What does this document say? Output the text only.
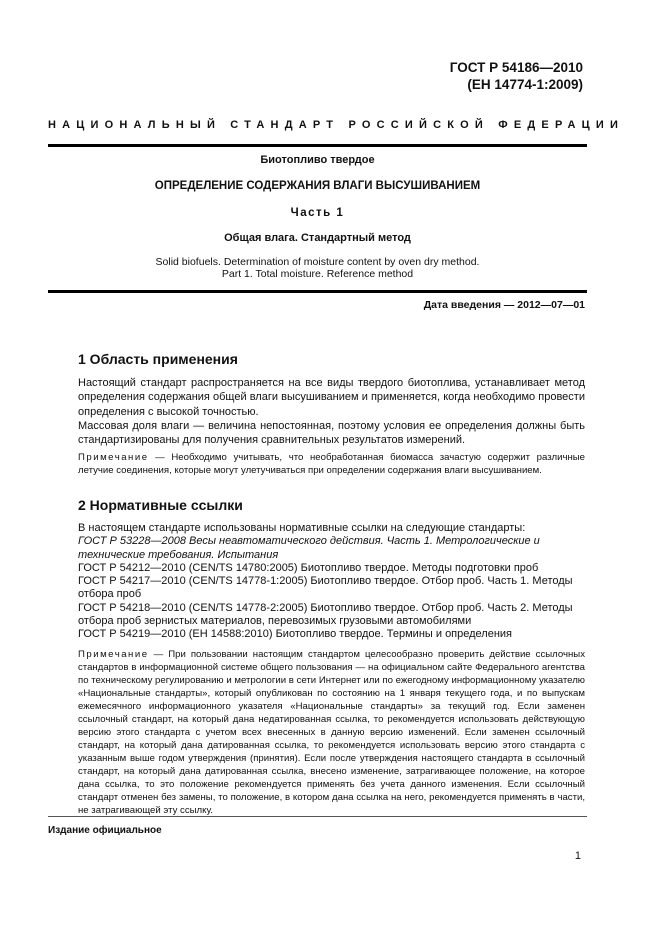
ГОСТ Р 54186—2010
(ЕН 14774-1:2009)
НАЦИОНАЛЬНЫЙ СТАНДАРТ РОССИЙСКОЙ ФЕДЕРАЦИИ
Биотопливо твердое
ОПРЕДЕЛЕНИЕ СОДЕРЖАНИЯ ВЛАГИ ВЫСУШИВАНИЕМ
Часть 1
Общая влага. Стандартный метод
Solid biofuels. Determination of moisture content by oven dry method.
Part 1. Total moisture. Reference method
Дата введения — 2012—07—01
1 Область применения
Настоящий стандарт распространяется на все виды твердого биотоплива, устанавливает метод определения содержания общей влаги высушиванием и применяется, когда необходимо провести определения с высокой точностью.
Массовая доля влаги — величина непостоянная, поэтому условия ее определения должны быть стандартизированы для получения сравнительных результатов измерений.
Примечание — Необходимо учитывать, что необработанная биомасса зачастую содержит различные летучие соединения, которые могут улетучиваться при определении содержания влаги высушиванием.
2 Нормативные ссылки
В настоящем стандарте использованы нормативные ссылки на следующие стандарты:
ГОСТ Р 53228—2008 Весы неавтоматического действия. Часть 1. Метрологические и технические требования. Испытания
ГОСТ Р 54212—2010 (CEN/TS 14780:2005) Биотопливо твердое. Методы подготовки проб
ГОСТ Р 54217—2010 (CEN/TS 14778-1:2005) Биотопливо твердое. Отбор проб. Часть 1. Методы отбора проб
ГОСТ Р 54218—2010 (CEN/TS 14778-2:2005) Биотопливо твердое. Отбор проб. Часть 2. Методы отбора проб зернистых материалов, перевозимых грузовыми автомобилями
ГОСТ Р 54219—2010 (ЕН 14588:2010) Биотопливо твердое. Термины и определения
Примечание — При пользовании настоящим стандартом целесообразно проверить действие ссылочных стандартов в информационной системе общего пользования — на официальном сайте Федерального агентства по техническому регулированию и метрологии в сети Интернет или по ежегодному информационному указателю «Национальные стандарты», который опубликован по состоянию на 1 января текущего года, и по выпускам ежемесячного информационного указателя «Национальные стандарты» за текущий год. Если заменен ссылочный стандарт, на который дана недатированная ссылка, то рекомендуется использовать действующую версию этого стандарта с учетом всех внесенных в данную версию изменений. Если заменен ссылочный стандарт, на который дана датированная ссылка, то рекомендуется использовать версию этого стандарта с указанным выше годом утверждения (принятия). Если после утверждения настоящего стандарта в ссылочный стандарт, на который дана датированная ссылка, внесено изменение, затрагивающее положение, на которое дана ссылка, то это положение рекомендуется применять без учета данного изменения. Если ссылочный стандарт отменен без замены, то положение, в котором дана ссылка на него, рекомендуется применять в части, не затрагивающей эту ссылку.
Издание официальное
1
